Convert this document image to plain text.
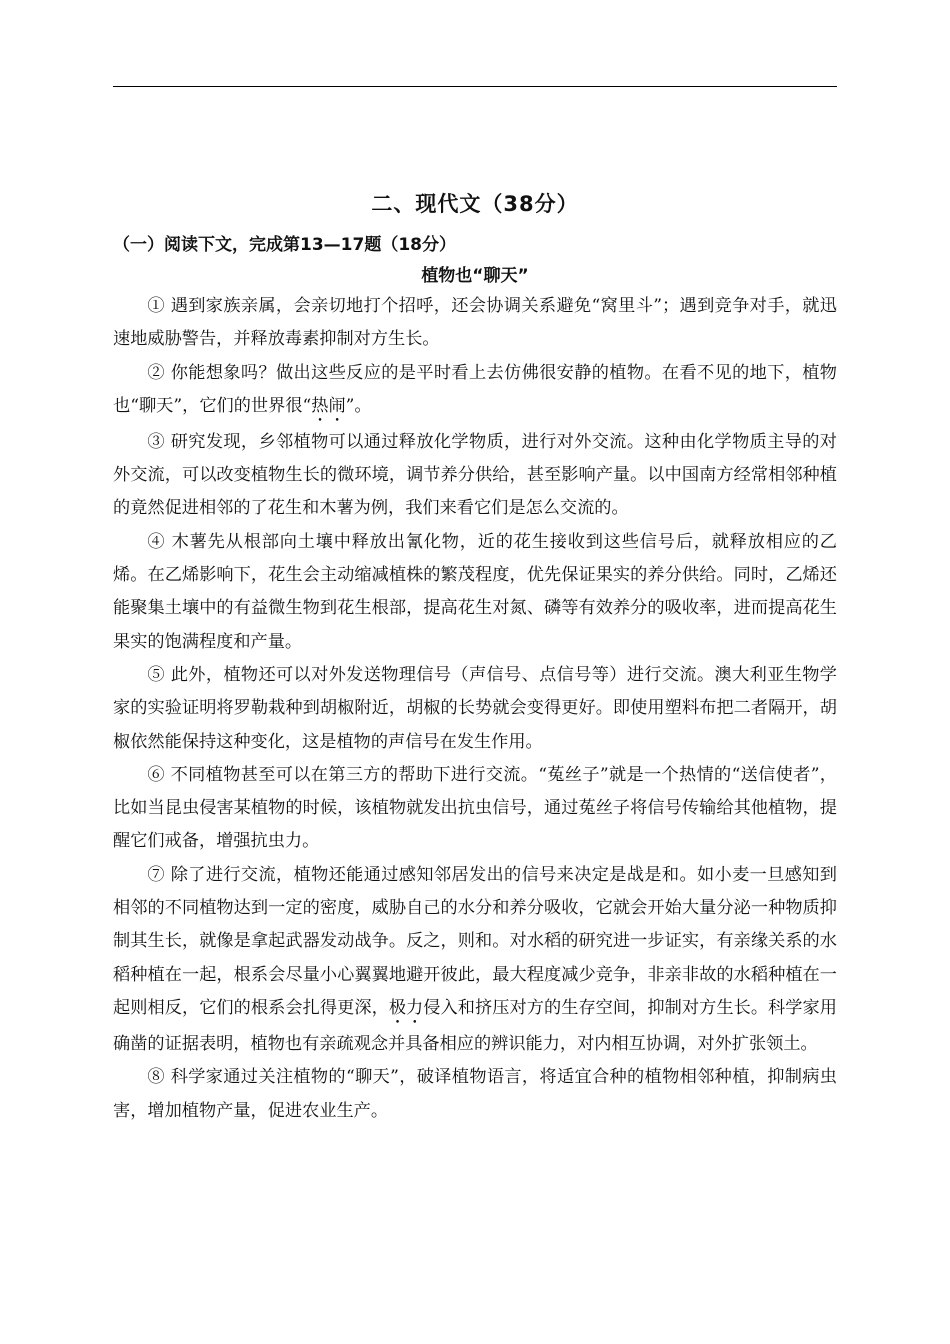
二、现代文（38分）
（一）阅读下文，完成第13—17题（18分）
植物也“聊天”

① 遇到家族亲属，会亲切地打个招呼，还会协调关系避免“窝里斗”；遇到竞争对手，就迅速地威胁警告，并释放毒素抑制对方生长。

② 你能想象吗？做出这些反应的是平时看上去仿佛很安静的植物。在看不见的地下，植物也“聊天”，它们的世界很“热闹”。

③ 研究发现，乡邻植物可以通过释放化学物质，进行对外交流。这种由化学物质主导的对外交流，可以改变植物生长的微环境，调节养分供给，甚至影响产量。以中国南方经常相邻种植的竟然促进相邻的了花生和木薯为例，我们来看它们是怎么交流的。

④ 木薯先从根部向土壤中释放出氰化物，近的花生接收到这些信号后，就释放相应的乙烯。在乙烯影响下，花生会主动缩减植株的繁茂程度，优先保证果实的养分供给。同时，乙烯还能聚集土壤中的有益微生物到花生根部，提高花生对氮、磷等有效养分的吸收率，进而提高花生果实的饱满程度和产量。

⑤ 此外，植物还可以对外发送物理信号（声信号、点信号等）进行交流。澳大利亚生物学家的实验证明将罗勒栽种到胡椒附近，胡椒的长势就会变得更好。即使用塑料布把二者隔开，胡椒依然能保持这种变化，这是植物的声信号在发生作用。

⑥ 不同植物甚至可以在第三方的帮助下进行交流。“菟丝子”就是一个热情的“送信使者”，比如当昆虫侵害某植物的时候，该植物就发出抗虫信号，通过菟丝子将信号传输给其他植物，提醒它们戒备，增强抗虫力。

⑦ 除了进行交流，植物还能通过感知邻居发出的信号来决定是战是和。如小麦一旦感知到相邻的不同植物达到一定的密度，威胁自己的水分和养分吸收，它就会开始大量分泌一种物质抑制其生长，就像是拿起武器发动战争。反之，则和。对水稻的研究进一步证实，有亲缘关系的水稻种植在一起，根系会尽量小心翼翼地避开彼此，最大程度减少竞争，非亲非故的水稻种植在一起则相反，它们的根系会扎得更深，极力侵入和挤压对方的生存空间，抑制对方生长。科学家用确凿的证据表明，植物也有亲疏观念并具备相应的辨识能力，对内相互协调，对外扩张领土。

⑧ 科学家通过关注植物的“聊天”，破译植物语言，将适宜合种的植物相邻种植，抑制病虫害，增加植物产量，促进农业生产。
